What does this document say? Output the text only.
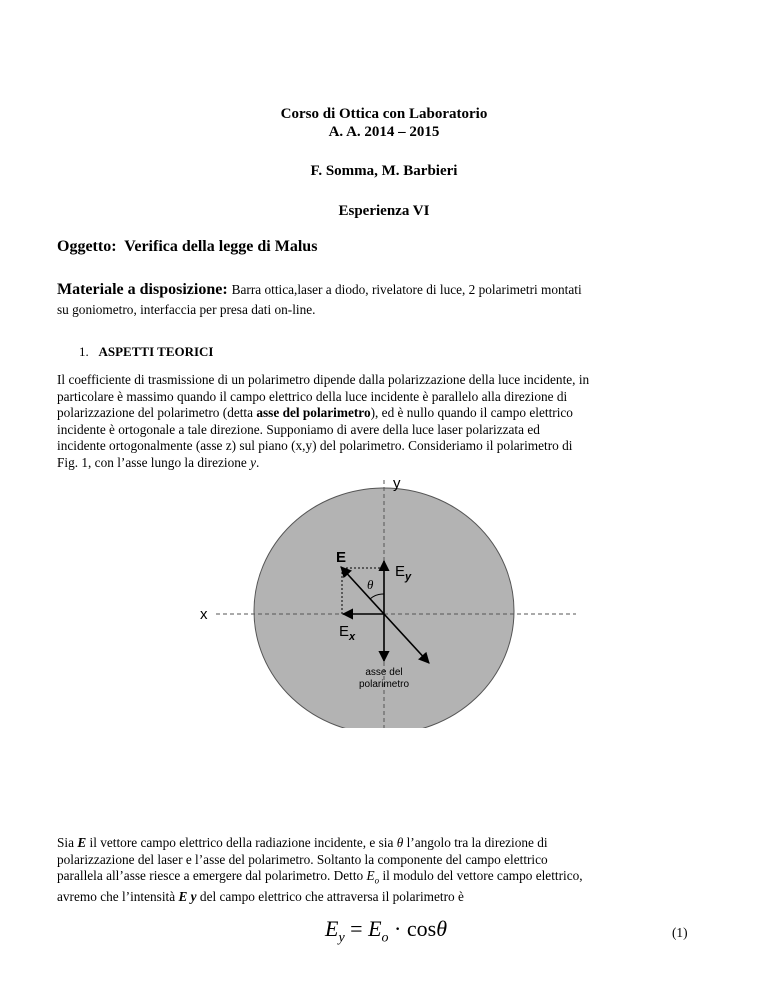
Corso di Ottica con Laboratorio
A. A. 2014 – 2015
F. Somma, M. Barbieri
Esperienza VI
Oggetto: Verifica della legge di Malus
Materiale a disposizione: Barra ottica,laser a diodo, rivelatore di luce, 2 polarimetri montati
su goniometro, interfaccia per presa dati on-line.
1. ASPETTI TEORICI
Il coefficiente di trasmissione di un polarimetro dipende dalla polarizzazione della luce incidente, in
particolare è massimo quando il campo elettrico della luce incidente è parallelo alla direzione di
polarizzazione del polarimetro (detta asse del polarimetro), ed è nullo quando il campo elettrico
incidente è ortogonale a tale direzione. Supponiamo di avere della luce laser polarizzata ed
incidente ortogonalmente (asse z) sul piano (x,y) del polarimetro. Consideriamo il polarimetro di
Fig. 1, con l’asse lungo la direzione y.
y
x
E
$E_y$
$E_x$
θ
asse del
polarimetro
Sia E il vettore campo elettrico della radiazione incidente, e sia θ l’angolo tra la direzione di
polarizzazione del laser e l’asse del polarimetro. Soltanto la componente del campo elettrico
parallela all’asse riesce a emergere dal polarimetro. Detto $E_o$ il modulo del vettore campo elettrico,
avremo che l’intensità E y del campo elettrico che attraversa il polarimetro è
$E_y = E_o \cdot \cos\theta$	(1)
